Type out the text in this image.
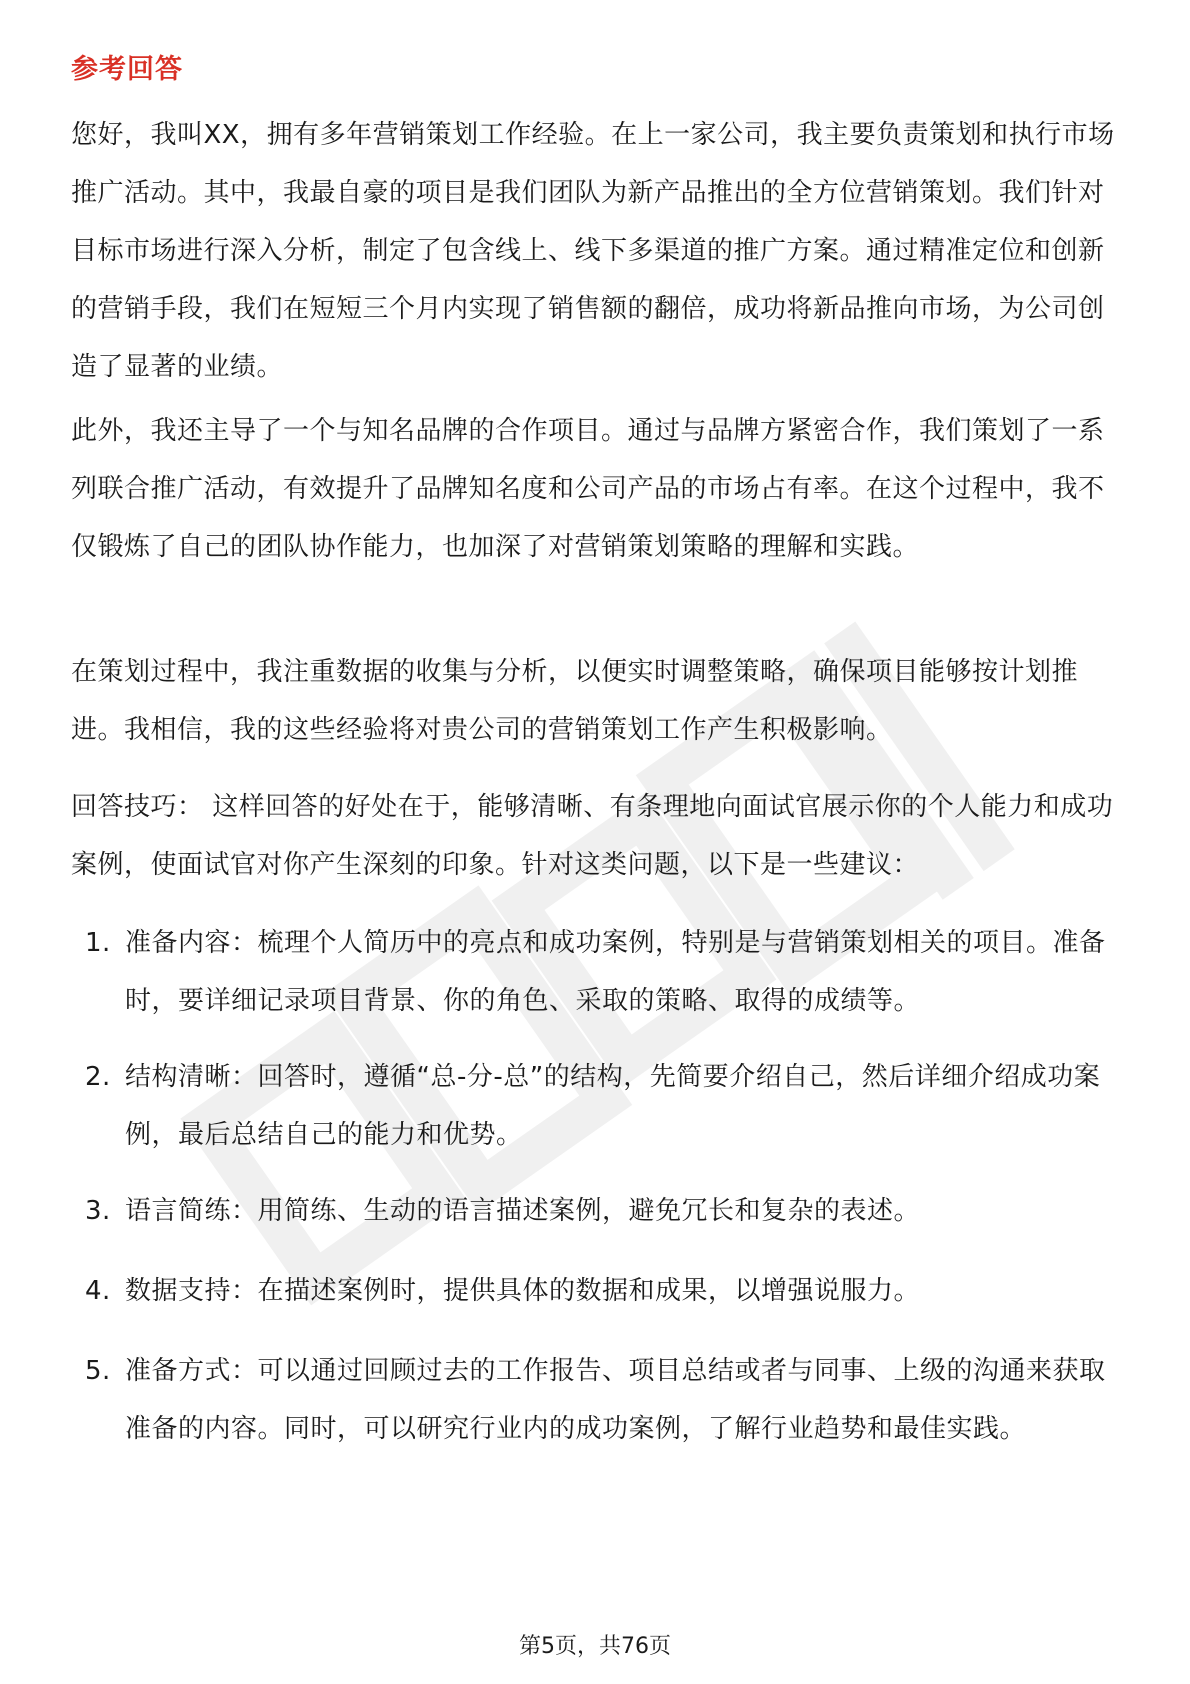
参考回答
您好，我叫XX，拥有多年营销策划工作经验。在上一家公司，我主要负责策划和执行市场推广活动。其中，我最自豪的项目是我们团队为新产品推出的全方位营销策划。我们针对目标市场进行深入分析，制定了包含线上、线下多渠道的推广方案。通过精准定位和创新的营销手段，我们在短短三个月内实现了销售额的翻倍，成功将新品推向市场，为公司创造了显著的业绩。
此外，我还主导了一个与知名品牌的合作项目。通过与品牌方紧密合作，我们策划了一系列联合推广活动，有效提升了品牌知名度和公司产品的市场占有率。在这个过程中，我不仅锻炼了自己的团队协作能力，也加深了对营销策划策略的理解和实践。
在策划过程中，我注重数据的收集与分析，以便实时调整策略，确保项目能够按计划推进。我相信，我的这些经验将对贵公司的营销策划工作产生积极影响。
回答技巧： 这样回答的好处在于，能够清晰、有条理地向面试官展示你的个人能力和成功案例，使面试官对你产生深刻的印象。针对这类问题，以下是一些建议：
1. 准备内容：梳理个人简历中的亮点和成功案例，特别是与营销策划相关的项目。准备时，要详细记录项目背景、你的角色、采取的策略、取得的成绩等。
2. 结构清晰：回答时，遵循“总-分-总”的结构，先简要介绍自己，然后详细介绍成功案例，最后总结自己的能力和优势。
3. 语言简练：用简练、生动的语言描述案例，避免冗长和复杂的表述。
4. 数据支持：在描述案例时，提供具体的数据和成果，以增强说服力。
5. 准备方式：可以通过回顾过去的工作报告、项目总结或者与同事、上级的沟通来获取准备的内容。同时，可以研究行业内的成功案例，了解行业趋势和最佳实践。
第5页，共76页
